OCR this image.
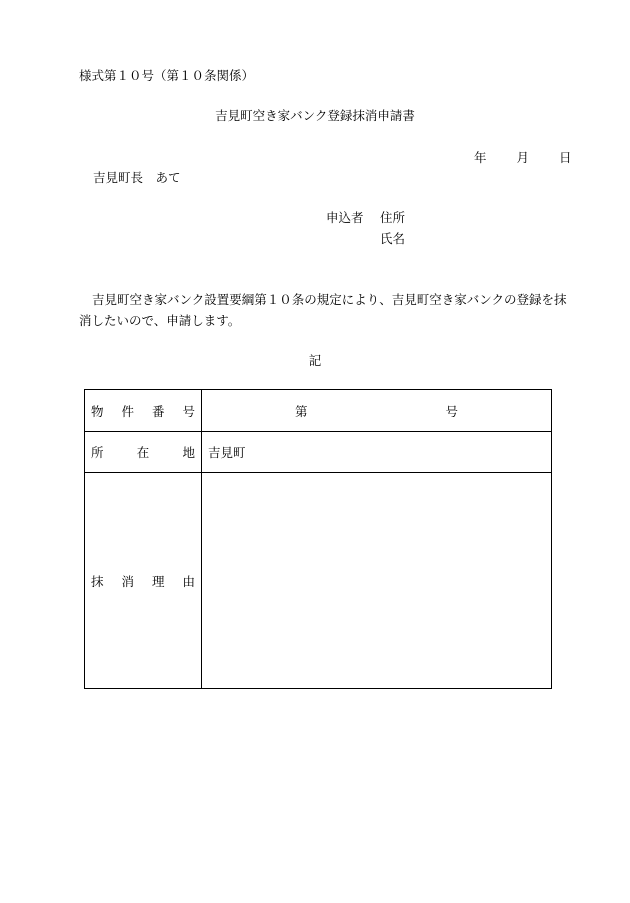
様式第１０号（第１０条関係）
吉見町空き家バンク登録抹消申請書
年 月 日
吉見町長　あて
申込者 住所
氏名
吉見町空き家バンク設置要綱第１０条の規定により、吉見町空き家バンクの登録を抹消したいので、申請します。
記
物 件 番 号	第 号

所 在 地	吉見町

抹 消 理 由	
